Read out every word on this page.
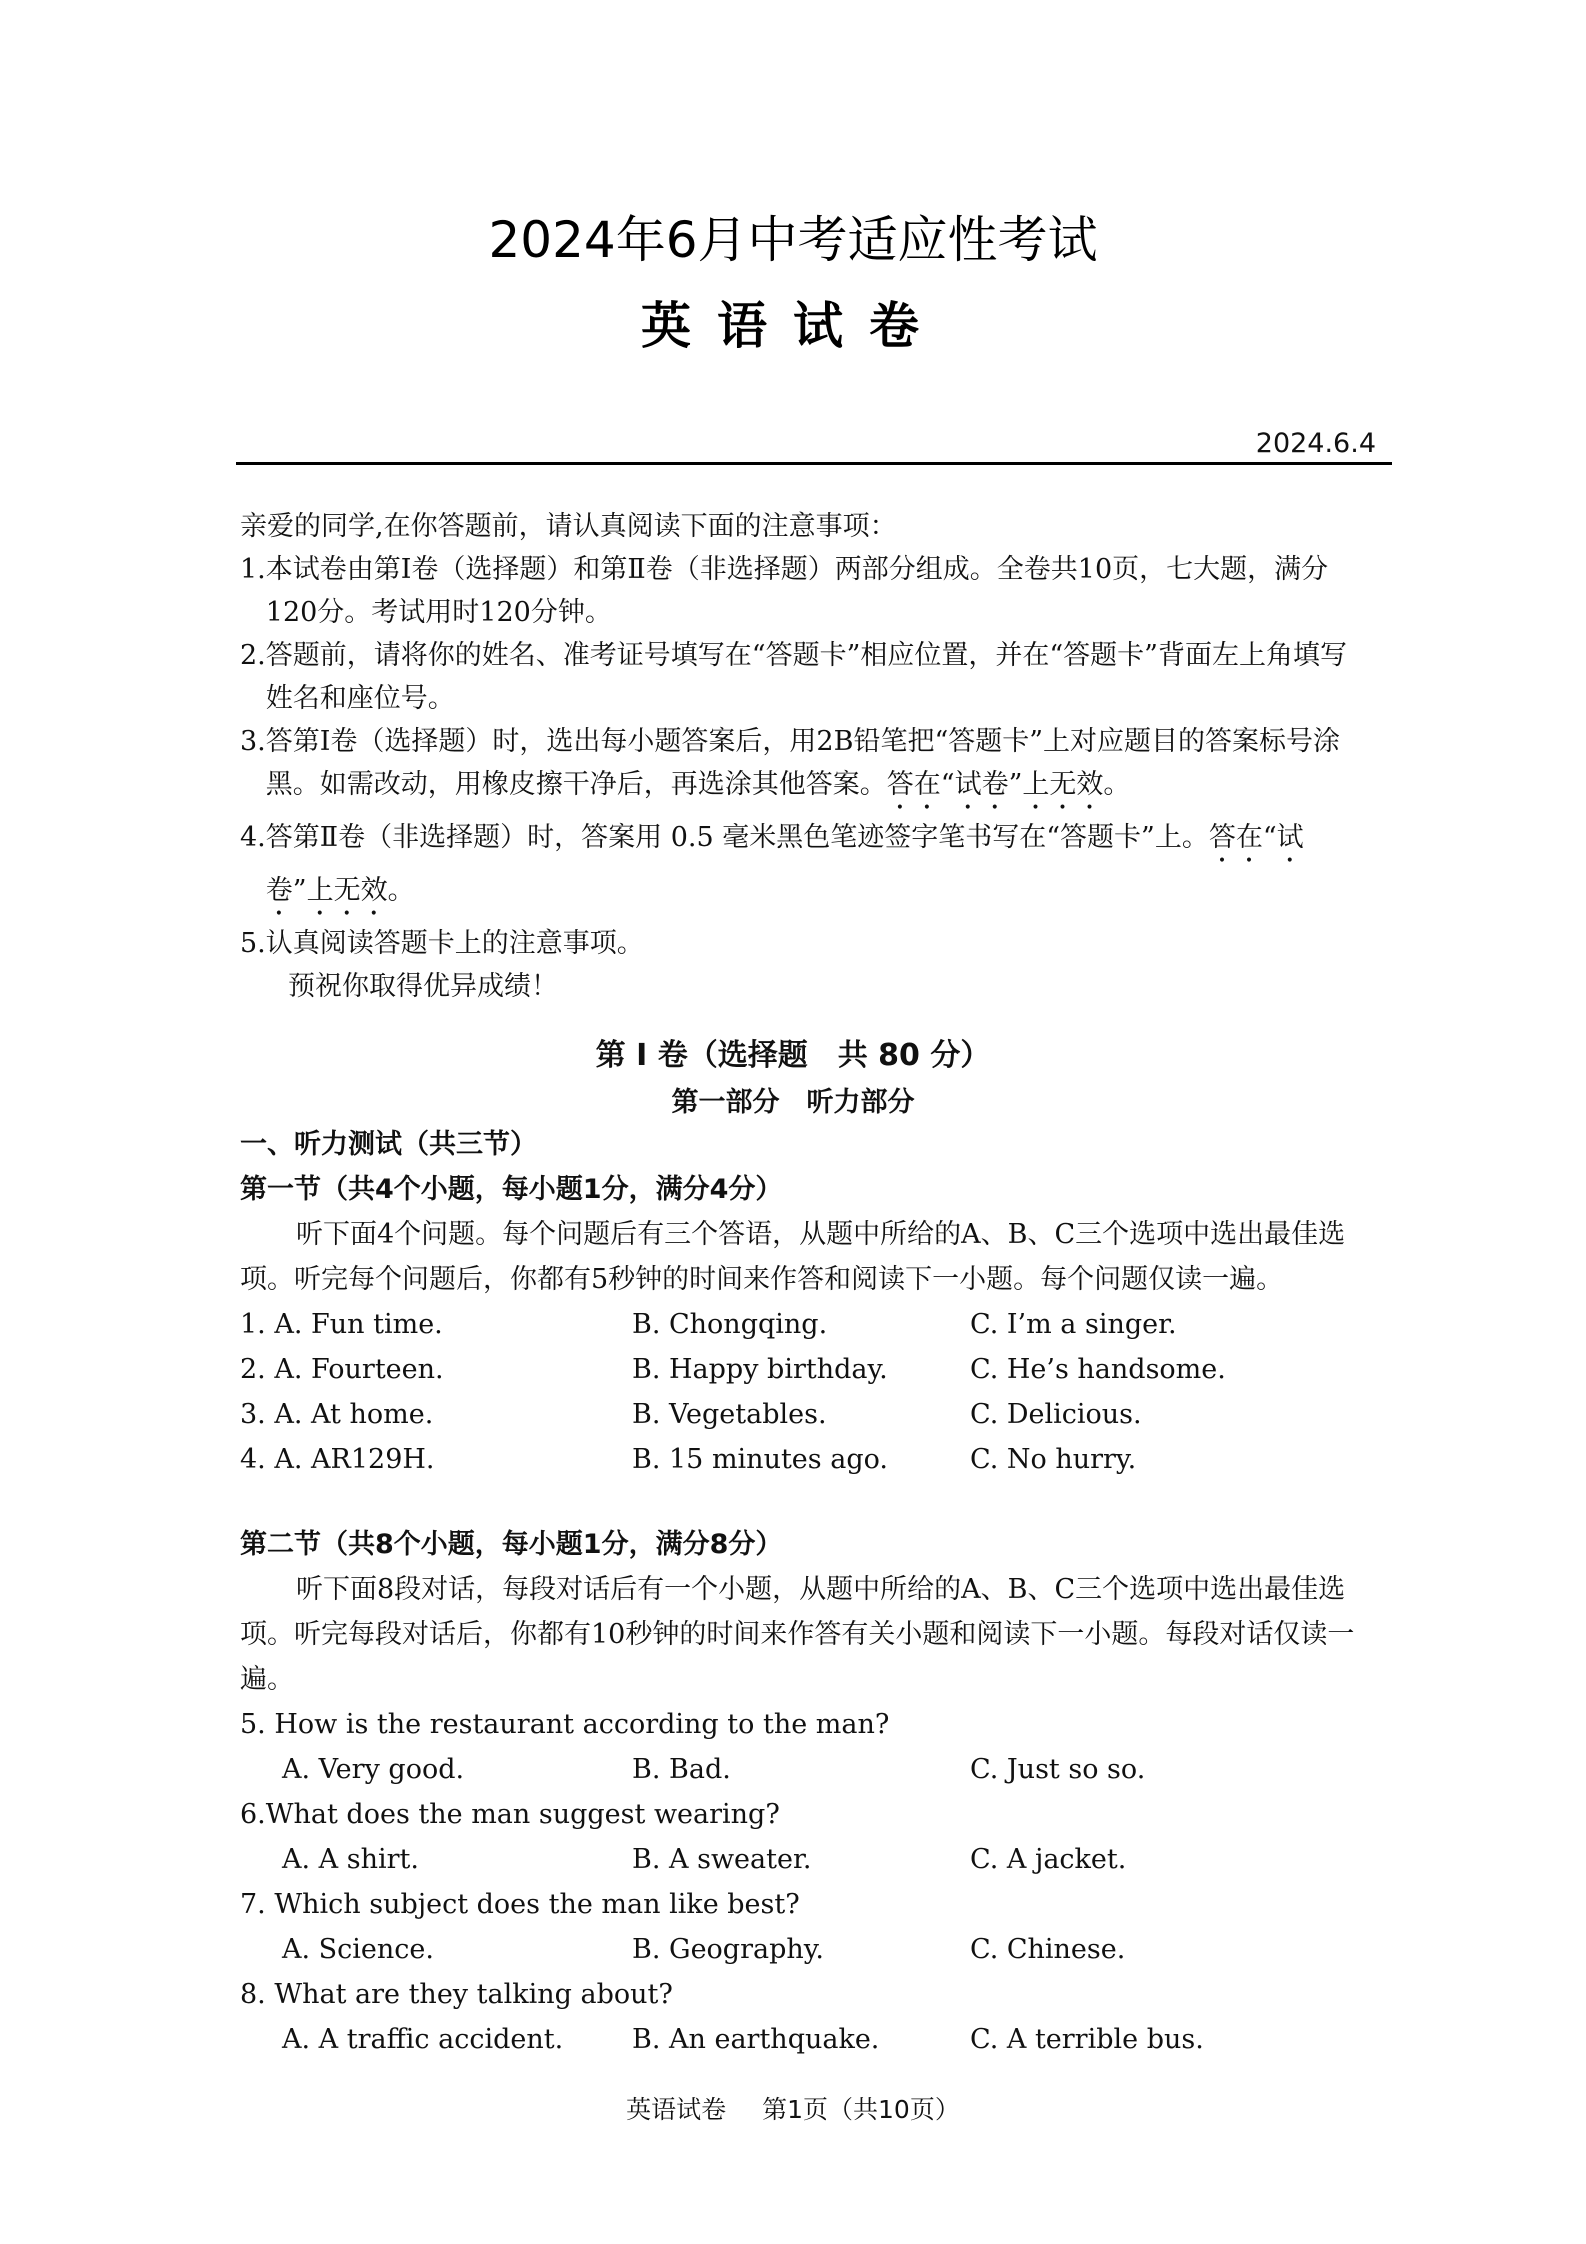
2024年6月中考适应性考试
英语试卷
2024.6.4
亲爱的同学,在你答题前，请认真阅读下面的注意事项：
1. 本试卷由第Ⅰ卷（选择题）和第Ⅱ卷（非选择题）两部分组成。全卷共10页，七大题，满分120分。考试用时120分钟。
2. 答题前，请将你的姓名、准考证号填写在“答题卡”相应位置，并在“答题卡”背面左上角填写姓名和座位号。
3. 答第Ⅰ卷（选择题）时，选出每小题答案后，用2B铅笔把“答题卡”上对应题目的答案标号涂黑。如需改动，用橡皮擦干净后，再选涂其他答案。答在“试卷”上无效。
4. 答第Ⅱ卷（非选择题）时，答案用 0.5 毫米黑色笔迹签字笔书写在“答题卡”上。答在“试卷”上无效。
5. 认真阅读答题卡上的注意事项。
预祝你取得优异成绩！
第 I 卷（选择题　共 80 分）
第一部分　听力部分
一、听力测试（共三节）
第一节（共4个小题，每小题1分，满分4分）
听下面4个问题。每个问题后有三个答语，从题中所给的A、B、C三个选项中选出最佳选项。听完每个问题后，你都有5秒钟的时间来作答和阅读下一小题。每个问题仅读一遍。
1. A. Fun time.	B. Chongqing.	C. I’m a singer.
2. A. Fourteen.	B. Happy birthday.	C. He’s handsome.
3. A. At home.	B. Vegetables.	C. Delicious.
4. A. AR129H.	B. 15 minutes ago.	C. No hurry.
第二节（共8个小题，每小题1分，满分8分）
听下面8段对话，每段对话后有一个小题，从题中所给的A、B、C三个选项中选出最佳选项。听完每段对话后，你都有10秒钟的时间来作答有关小题和阅读下一小题。每段对话仅读一遍。
5. How is the restaurant according to the man?
A. Very good.	B. Bad.	C. Just so so.
6.What does the man suggest wearing?
A. A shirt.	B. A sweater.	C. A jacket.
7. Which subject does the man like best?
A. Science.	B. Geography.	C. Chinese.
8. What are they talking about?
A. A traffic accident.	B. An earthquake.	C. A terrible bus.
英语试卷 第1页（共10页）
